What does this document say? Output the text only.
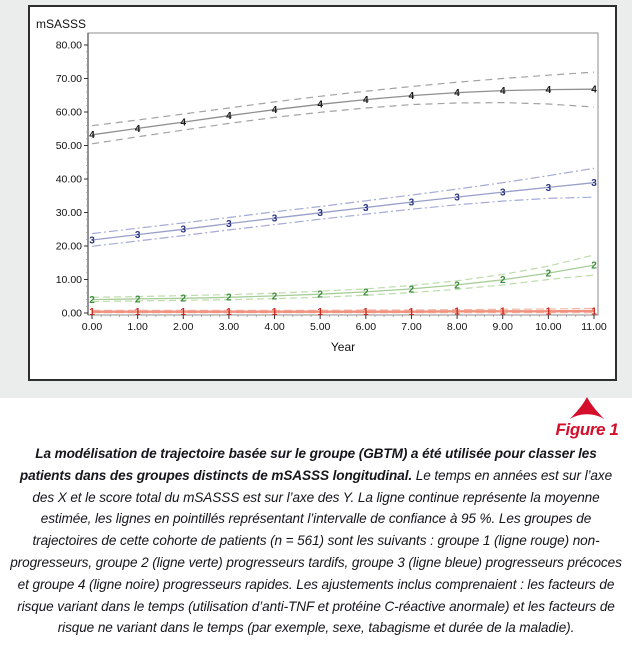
0.00
10.00
20.00
30.00
40.00
50.00
60.00
70.00
80.00
0.00 1.00 2.00 3.00 4.00 5.00 6.00 7.00 8.00 9.00 10.00 11.00
mSASSS
Year
1	1	1	1	1	1	1	1	1	1	1	1
2	2	2	2	2	2	2	2	2	2
2
2
3	3	3
3	3	3	3	3	3	3	3	3
4
4
4
4
4	4	4	4	4	4	4	4
Figure 1

La modélisation de trajectoire basée sur le groupe (GBTM) a été utilisée pour classer les patients dans des groupes distincts de mSASSS longitudinal. Le temps en années est sur l’axe des X et le score total du mSASSS est sur l’axe des Y. La ligne continue représente la moyenne estimée, les lignes en pointillés représentant l’intervalle de confiance à 95 %. Les groupes de trajectoires de cette cohorte de patients (n = 561) sont les suivants : groupe 1 (ligne rouge) non-progresseurs, groupe 2 (ligne verte) progresseurs tardifs, groupe 3 (ligne bleue) progresseurs précoces et groupe 4 (ligne noire) progresseurs rapides. Les ajustements inclus comprenaient : les facteurs de risque variant dans le temps (utilisation d’anti-TNF et protéine C-réactive anormale) et les facteurs de risque ne variant dans le temps (par exemple, sexe, tabagisme et durée de la maladie).
